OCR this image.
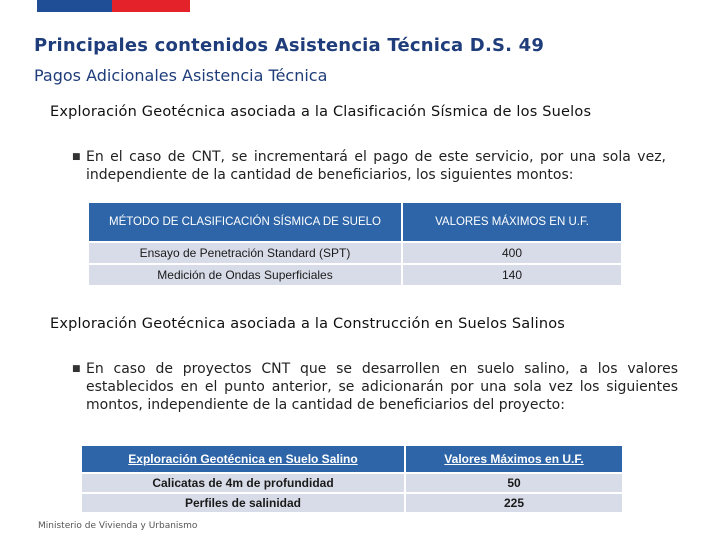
Principales contenidos Asistencia Técnica D.S. 49
Pagos Adicionales Asistencia Técnica
Exploración Geotécnica asociada a la Clasificación Sísmica de los Suelos
■ En el caso de CNT, se incrementará el pago de este servicio, por una sola vez, independiente de la cantidad de beneficiarios, los siguientes montos:
MÉTODO DE CLASIFICACIÓN SÍSMICA DE SUELO	VALORES MÁXIMOS EN U.F.
Ensayo de Penetración Standard (SPT)	400
Medición de Ondas Superficiales	140
Exploración Geotécnica asociada a la Construcción en Suelos Salinos
■ En caso de proyectos CNT que se desarrollen en suelo salino, a los valores establecidos en el punto anterior, se adicionarán por una sola vez los siguientes montos, independiente de la cantidad de beneficiarios del proyecto:
Exploración Geotécnica en Suelo Salino	Valores Máximos en U.F.
Calicatas de 4m de profundidad	50
Perfiles de salinidad	225
Ministerio de Vivienda y Urbanismo
